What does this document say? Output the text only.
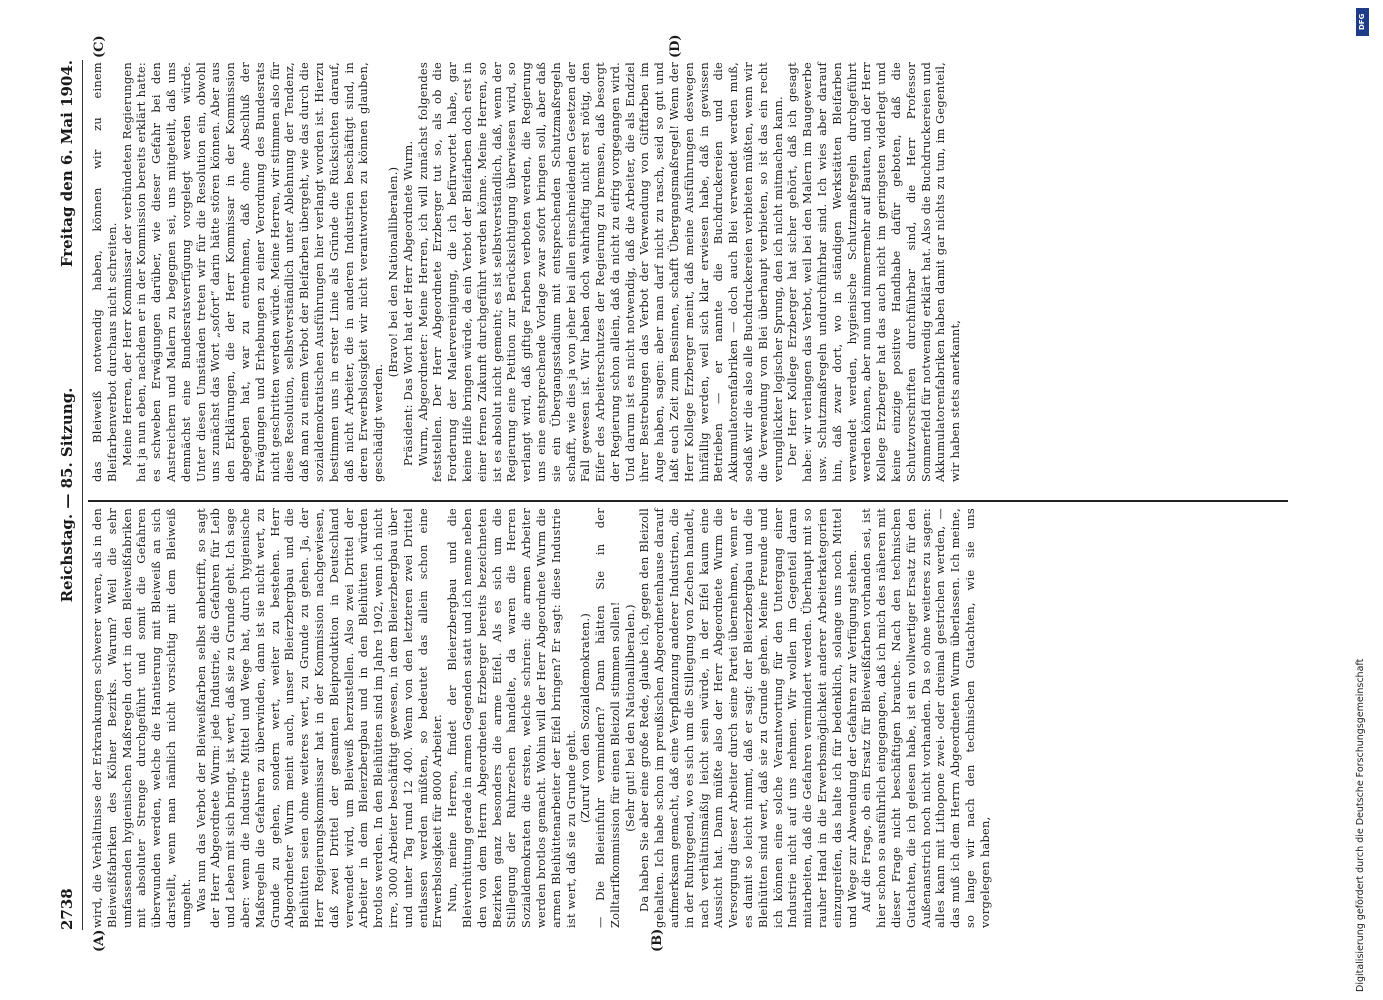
2738
Reichstag. — 85. Sitzung.
Freitag den 6. Mai 1904.
(A)	(B)
(C)	(D)

wird, die Verhältnisse der Erkrankungen schwerer waren, als in den Bleiweißfabriken des Kölner Bezirks. Warum? Weil die sehr umfassenden hygienischen Maßregeln dort in den Bleiweißfabriken mit absoluter Strenge durchgeführt und somit die Gefahren überwunden werden, welche die Hantierung mit Bleiweiß an sich darstellt, wenn man nämlich nicht vorsichtig mit dem Bleiweiß umgeht. Was nun das Verbot der Bleiweißfarben selbst anbetrifft, so sagt der Herr Abgeordnete Wurm: jede Industrie, die Gefahren für Leib und Leben mit sich bringt, ist wert, daß sie zu Grunde geht. Ich sage aber: wenn die Industrie Mittel und Wege hat, durch hygienische Maßregeln die Gefahren zu überwinden, dann ist sie nicht wert, zu Grunde zu gehen, sondern wert, weiter zu bestehen. Herr Abgeordneter Wurm meint auch, unser Bleierzbergbau und die Bleihütten seien ohne weiteres wert, zu Grunde zu gehen. Ja, der Herr Regierungskommissar hat in der Kommission nachgewiesen, daß zwei Drittel der gesamten Bleiproduktion in Deutschland verwendet wird, um Bleiweiß herzustellen. Also zwei Drittel der Arbeiter in dem Bleierzbergbau und in den Bleihütten würden brotlos werden. In den Bleihütten sind im Jahre 1902, wenn ich nicht irre, 3000 Arbeiter beschäftigt gewesen, in dem Bleierzbergbau über und unter Tag rund 12 400. Wenn von den letzteren zwei Drittel entlassen werden müßten, so bedeutet das allein schon eine Erwerbslosigkeit für 8000 Arbeiter. Nun, meine Herren, findet der Bleierzbergbau und die Bleiverhüttung gerade in armen Gegenden statt und ich nenne neben den von dem Herrn Abgeordneten Erzberger bereits bezeichneten Bezirken ganz besonders die arme Eifel. Als es sich um die Stillegung der Ruhrzechen handelte, da waren die Herren Sozialdemokraten die ersten, welche schrien: die armen Arbeiter werden brotlos gemacht. Wohin will der Herr Abgeordnete Wurm die armen Bleihüttenarbeiter der Eifel bringen? Er sagt: diese Industrie ist wert, daß sie zu Grunde geht.

(Zuruf von den Sozialdemokraten.) — Die Bleieinfuhr vermindern? Dann hätten Sie in der Zolltarifkommission für einen Bleizoll stimmen sollen! (Sehr gut! bei den Nationalliberalen.) Da haben Sie aber eine große Rede, glaube ich, gegen den Bleizoll gehalten. Ich habe schon im preußischen Abgeordnetenhause darauf aufmerksam gemacht, daß eine Verpflanzung anderer Industrien, die in der Ruhrgegend, wo es sich um die Stillegung von Zechen handelt, nach verhältnismäßig leicht sein würde, in der Eifel kaum eine Aussicht hat. Dann müßte also der Herr Abgeordnete Wurm die Versorgung dieser Arbeiter durch seine Partei übernehmen, wenn er es damit so leicht nimmt, daß er sagt: der Bleierzbergbau und die Bleihütten sind wert, daß sie zu Grunde gehen. Meine Freunde und ich können eine solche Verantwortung für den Untergang einer Industrie nicht auf uns nehmen. Wir wollen im Gegenteil daran mitarbeiten, daß die Gefahren vermindert werden. Überhaupt mit so rauher Hand in die Erwerbsmöglichkeit anderer Arbeiterkategorien einzugreifen, das halte ich für bedenklich, solange uns noch Mittel und Wege zur Abwendung der Gefahren zur Verfügung stehen. Auf die Frage, ob ein Ersatz für Bleiweißfarben vorhanden sei, ist hier schon so ausführlich eingegangen, daß ich mich des näheren mit dieser Frage nicht beschäftigen brauche. Nach den technischen Gutachten, die ich gelesen habe, ist ein vollwertiger Ersatz für den Außenanstrich noch nicht vorhanden. Da so ohne weiteres zu sagen: alles kann mit Lithopone zwei- oder dreimal gestrichen werden, — das muß ich dem Herrn Abgeordneten Wurm überlassen. Ich meine, so lange wir nach den technischen Gutachten, wie sie uns vorgelegen haben,

das Bleiweiß notwendig haben, können wir zu einem Bleifarbenverbot durchaus nicht schreiten. Meine Herren, der Herr Kommissar der verbündeten Regierungen hat ja nun eben, nachdem er in der Kommission bereits erklärt hatte: es schweben Erwägungen darüber, wie dieser Gefahr bei den Anstreichern und Malern zu begegnen sei, uns mitgeteilt, daß uns demnächst eine Bundesratsverfügung vorgelegt werden würde. Unter diesen Umständen treten wir für die Resolution ein, obwohl uns zunächst das Wort „sofort“ darin hätte stören können. Aber aus den Erklärungen, die der Herr Kommissar in der Kommission abgegeben hat, war zu entnehmen, daß ohne Abschluß der Erwägungen und Erhebungen zu einer Verordnung des Bundesrats nicht geschritten werden würde. Meine Herren, wir stimmen also für diese Resolution, selbstverständlich unter Ablehnung der Tendenz, daß man zu einem Verbot der Bleifarben übergeht, wie das durch die sozialdemokratischen Ausführungen hier verlangt worden ist. Hierzu bestimmen uns in erster Linie als Gründe die Rücksichten darauf, daß nicht Arbeiter, die in anderen Industrien beschäftigt sind, in deren Erwerbslosigkeit wir nicht verantworten zu können glauben, geschädigt werden.

(Bravo! bei den Nationalliberalen.) Präsident: Das Wort hat der Herr Abgeordnete Wurm. Wurm, Abgeordneter: Meine Herren, ich will zunächst folgendes feststellen. Der Herr Abgeordnete Erzberger tut so, als ob die Forderung der Malervereinigung, die ich befürwortet habe, gar keine Hilfe bringen würde, da ein Verbot der Bleifarben doch erst in einer fernen Zukunft durchgeführt werden könne. Meine Herren, so ist es absolut nicht gemeint; es ist selbstverständlich, daß, wenn der Regierung eine Petition zur Berücksichtigung überwiesen wird, so verlangt wird, daß giftige Farben verboten werden, die Regierung uns eine entsprechende Vorlage zwar sofort bringen soll, aber daß sie ein Übergangsstadium mit entsprechenden Schutzmaßregeln schafft, wie dies ja von jeher bei allen einschneidenden Gesetzen der Fall gewesen ist. Wir haben doch wahrhaftig nicht erst nötig, den Eifer des Arbeiterschutzes der Regierung zu bremsen, daß besorgt der Regierung schon allein, daß da nicht zu eifrig vorgegangen wird. Und darum ist es nicht notwendig, daß die Arbeiter, die als Endziel ihrer Bestrebungen das Verbot der Verwendung von Giftfarben im Auge haben, sagen: aber man darf nicht zu rasch, seid so gut und laßt euch Zeit zum Besinnen, schafft Übergangsmaßregel! Wenn der Herr Kollege Erzberger meint, daß meine Ausführungen deswegen hinfällig werden, weil sich klar erwiesen habe, daß in gewissen Betrieben — er nannte die Buchdruckereien und die Akkumulatorenfabriken — doch auch Blei verwendet werden muß, sodaß wir die also alle Buchdruckereien verbieten müßten, wenn wir die Verwendung von Blei überhaupt verbieten, so ist das ein recht verunglückter logischer Sprung, den ich nicht mitmachen kann. Der Herr Kollege Erzberger hat sicher gehört, daß ich gesagt habe: wir verlangen das Verbot, weil bei den Malern im Baugewerbe usw. Schutzmaßregeln undurchführbar sind. Ich wies aber darauf hin, daß zwar dort, wo in ständigen Werkstätten Bleifarben verwendet werden, hygienische Schutzmaßregeln durchgeführt werden können, aber nun und nimmermehr auf Bauten, und der Herr Kollege Erzberger hat das auch nicht im geringsten widerlegt und keine einzige positive Handhabe dafür geboten, daß die Schutzvorschriften durchführbar sind, die Herr Professor Sommerfeld für notwendig erklärt hat. Also die Buchdruckereien und Akkumulatorenfabriken haben damit gar nichts zu tun, im Gegenteil, wir haben stets anerkannt,

Digitalisierung gefördert durch die Deutsche Forschungsgemeinschaft
DFG
